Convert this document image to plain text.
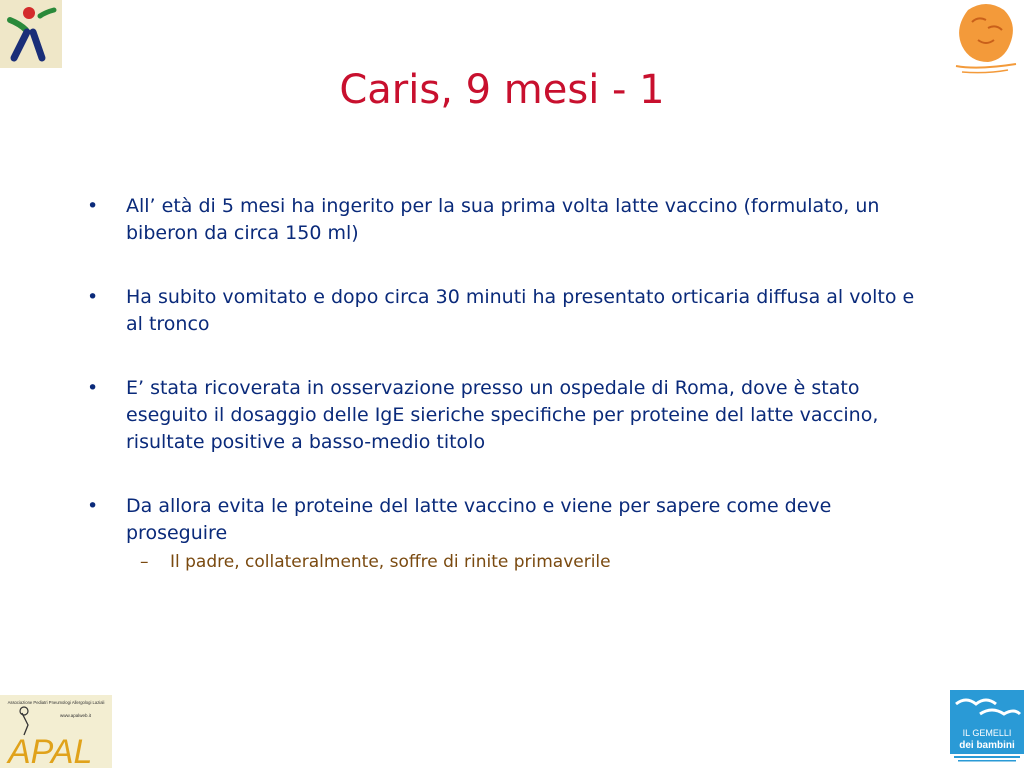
Caris, 9 mesi - 1
• All’ età di 5 mesi ha ingerito per la sua prima volta latte vaccino (formulato, un biberon da circa 150 ml)
• Ha subito vomitato e dopo circa 30 minuti ha presentato orticaria diffusa al volto e al tronco
• E’ stata ricoverata in osservazione presso un ospedale di Roma, dove è stato eseguito il dosaggio delle IgE sieriche specifiche per proteine del latte vaccino, risultate positive a basso-medio titolo
• Da allora evita le proteine del latte vaccino e viene per sapere come deve proseguire
– Il padre, collateralmente, soffre di rinite primaverile
Associazione Pediatri Pneumologi Allergologi Laziali
www.apalweb.it
APAL	IL GEMELLI
dei bambini
